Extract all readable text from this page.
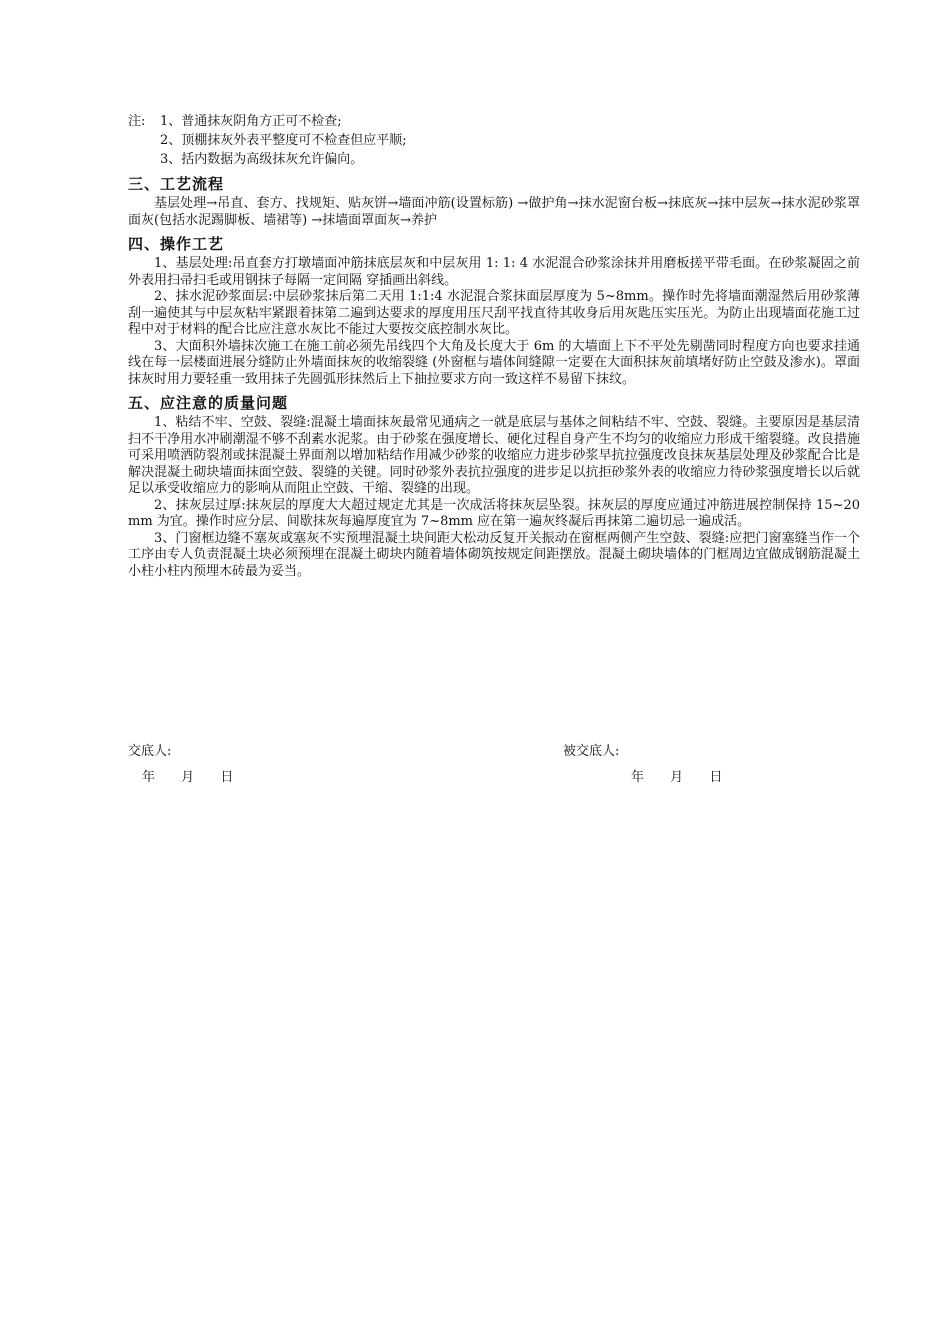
注:	1、普通抹灰阴角方正可不检查;
2、顶棚抹灰外表平整度可不检查但应平顺;
3、括内数据为高级抹灰允许偏向。
三、工艺流程

基层处理→吊直、套方、找规矩、贴灰饼→墙面冲筋(设置标筋) →做护角→抹水泥窗台板→抹底灰→抹中层灰→抹水泥砂浆罩面灰(包括水泥踢脚板、墙裙等) →抹墙面罩面灰→养护

四、操作工艺

1、基层处理:吊直套方打墩墙面冲筋抹底层灰和中层灰用 1: 1: 4 水泥混合砂浆涂抹并用磨板搓平带毛面。在砂浆凝固之前外表用扫帚扫毛或用钢抹子每隔一定间隔 穿插画出斜线。

2、抹水泥砂浆面层:中层砂浆抹后第二天用 1:1:4 水泥混合浆抹面层厚度为 5~8mm。操作时先将墙面潮湿然后用砂浆薄刮一遍使其与中层灰粘牢紧跟着抹第二遍到达要求的厚度用压尺刮平找直待其收身后用灰匙压实压光。为防止出现墙面花施工过程中对于材料的配合比应注意水灰比不能过大要按交底控制水灰比。

3、大面积外墙抹次施工在施工前必须先吊线四个大角及长度大于 6m 的大墙面上下不平处先剔凿同时程度方向也要求挂通线在每一层楼面进展分缝防止外墙面抹灰的收缩裂缝 (外窗框与墙体间缝隙一定要在大面积抹灰前填堵好防止空鼓及渗水)。罩面抹灰时用力要轻重一致用抹子先圆弧形抹然后上下抽拉要求方向一致这样不易留下抹纹。

五、应注意的质量问题

1、粘结不牢、空鼓、裂缝:混凝土墙面抹灰最常见通病之一就是底层与基体之间粘结不牢、空鼓、裂缝。主要原因是基层清扫不干净用水冲刷潮湿不够不刮素水泥浆。由于砂浆在强度增长、硬化过程自身产生不均匀的收缩应力形成干缩裂缝。改良措施可采用喷洒防裂剂或抹混凝土界面剂以增加粘结作用减少砂浆的收缩应力进步砂浆早抗拉强度改良抹灰基层处理及砂浆配合比是解决混凝土砌块墙面抹面空鼓、裂缝的关键。同时砂浆外表抗拉强度的进步足以抗拒砂浆外表的收缩应力待砂浆强度增长以后就足以承受收缩应力的影响从而阻止空鼓、干缩、裂缝的出现。

2、抹灰层过厚:抹灰层的厚度大大超过规定尤其是一次成活将抹灰层坠裂。抹灰层的厚度应通过冲筋进展控制保持 15~20mm 为宜。操作时应分层、间歇抹灰每遍厚度宜为 7~8mm 应在第一遍灰终凝后再抹第二遍切忌一遍成活。

3、门窗框边缝不塞灰或塞灰不实预埋混凝土块间距大松动反复开关振动在窗框两侧产生空鼓、裂缝:应把门窗塞缝当作一个工序由专人负责混凝土块必须预埋在混凝土砌块内随着墙体砌筑按规定间距摆放。混凝土砌块墙体的门框周边宜做成钢筋混凝土小柱小柱内预埋木砖最为妥当。

交底人:
年 月 日
被交底人:
年 月 日
